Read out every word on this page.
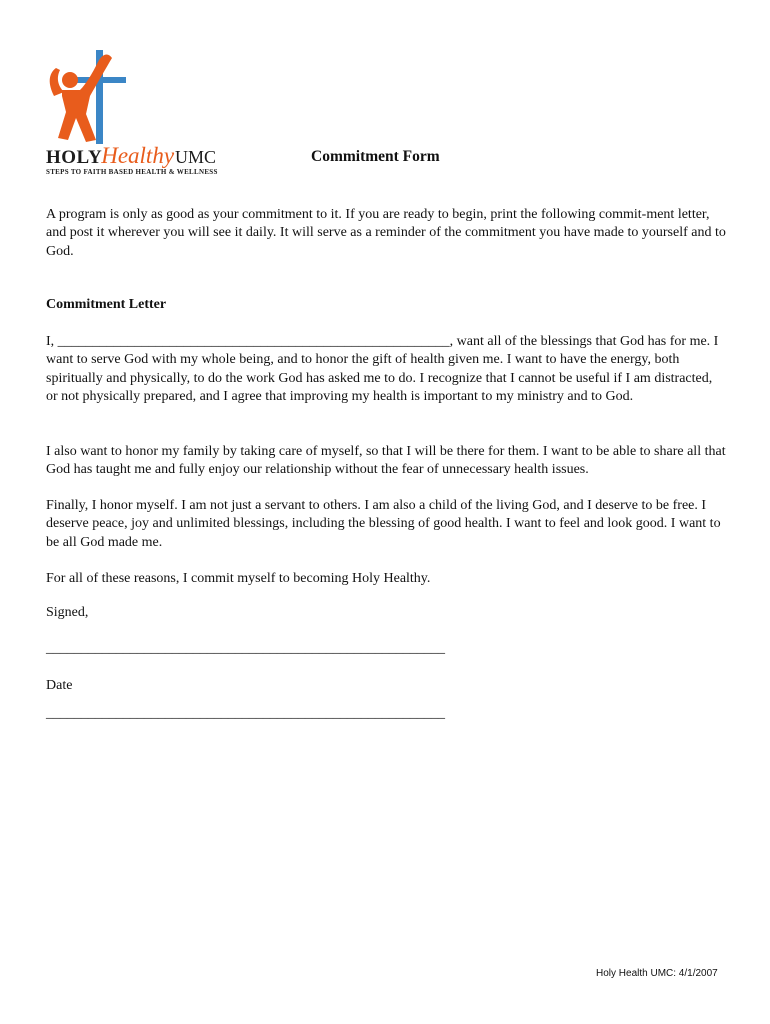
HOLYHealthyUMC
STEPS TO FAITH BASED HEALTH & WELLNESS
Commitment Form

A program is only as good as your commitment to it. If you are ready to begin, print the following commit-ment letter, and post it wherever you will see it daily. It will serve as a reminder of the commitment you have made to yourself and to God.

Commitment Letter

I, ________________________________________________________, want all of the blessings that God has for me. I want to serve God with my whole being, and to honor the gift of health given me. I want to have the energy, both spiritually and physically, to do the work God has asked me to do. I recognize that I cannot be useful if I am distracted, or not physically prepared, and I agree that improving my health is important to my ministry and to God.

I also want to honor my family by taking care of myself, so that I will be there for them. I want to be able to share all that God has taught me and fully enjoy our relationship without the fear of unnecessary health issues.

Finally, I honor myself. I am not just a servant to others. I am also a child of the living God, and I deserve to be free. I deserve peace, joy and unlimited blessings, including the blessing of good health. I want to feel and look good. I want to be all God made me.

For all of these reasons, I commit myself to becoming Holy Healthy.

Signed,
_________________________________________________________
Date
_________________________________________________________
Holy Health UMC: 4/1/2007
